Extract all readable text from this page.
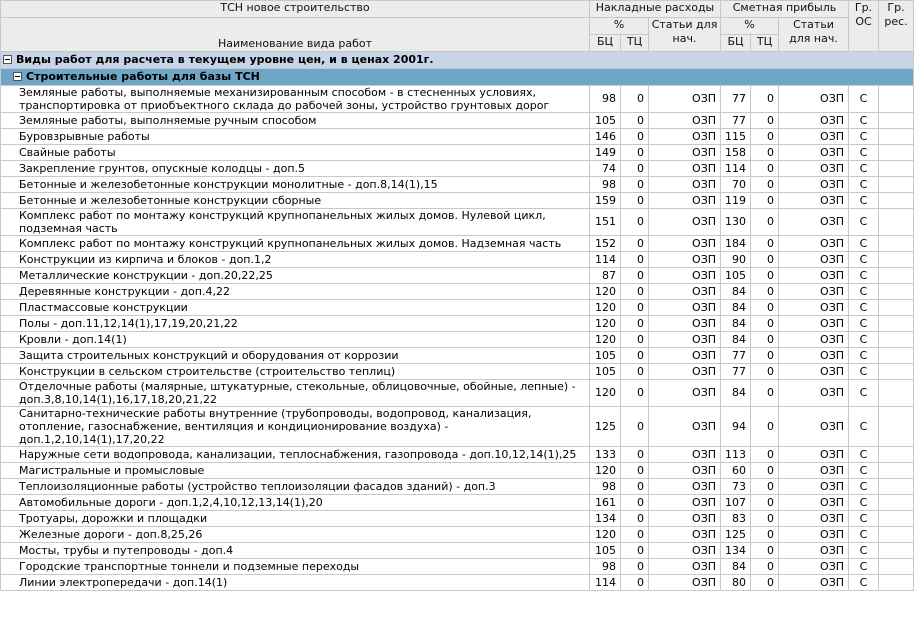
ТСН новое строительство	Накладные расходы			Сметная прибыль			Гр. ОС	Гр. рес.
Наименование вида работ	%		Статьи для нач.	%		Статьи для нач.		
	БЦ	ТЦ		БЦ	ТЦ			
Виды работ для расчета в текущем уровне цен, и в ценах 2001г.								
Строительные работы для базы ТСН								
Земляные работы, выполняемые механизированным способом - в стесненных условиях, транспортировка от приобъектного склада до рабочей зоны, устройство грунтовых дорог	98	0	ОЗП	77	0	ОЗП	С	
Земляные работы, выполняемые ручным способом	105	0	ОЗП	77	0	ОЗП	С	
Буровзрывные работы	146	0	ОЗП	115	0	ОЗП	С	
Свайные работы	149	0	ОЗП	158	0	ОЗП	С	
Закрепление грунтов, опускные колодцы - доп.5	74	0	ОЗП	114	0	ОЗП	С	
Бетонные и железобетонные конструкции монолитные - доп.8,14(1),15	98	0	ОЗП	70	0	ОЗП	С	
Бетонные и железобетонные конструкции сборные	159	0	ОЗП	119	0	ОЗП	С	
Комплекс работ по монтажу конструкций крупнопанельных жилых домов. Нулевой цикл, подземная часть	151	0	ОЗП	130	0	ОЗП	С	
Комплекс работ по монтажу конструкций крупнопанельных жилых домов. Надземная часть	152	0	ОЗП	184	0	ОЗП	С	
Конструкции из кирпича и блоков - доп.1,2	114	0	ОЗП	90	0	ОЗП	С	
Металлические конструкции - доп.20,22,25	87	0	ОЗП	105	0	ОЗП	С	
Деревянные конструкции - доп.4,22	120	0	ОЗП	84	0	ОЗП	С	
Пластмассовые конструкции	120	0	ОЗП	84	0	ОЗП	С	
Полы - доп.11,12,14(1),17,19,20,21,22	120	0	ОЗП	84	0	ОЗП	С	
Кровли - доп.14(1)	120	0	ОЗП	84	0	ОЗП	С	
Защита строительных конструкций и оборудования от коррозии	105	0	ОЗП	77	0	ОЗП	С	
Конструкции в сельском строительстве (строительство теплиц)	105	0	ОЗП	77	0	ОЗП	С	
Отделочные работы (малярные, штукатурные, стекольные, облицовочные, обойные, лепные) - доп.3,8,10,14(1),16,17,18,20,21,22	120	0	ОЗП	84	0	ОЗП	С	
Санитарно-технические работы внутренние (трубопроводы, водопровод, канализация, отопление, газоснабжение, вентиляция и кондиционирование воздуха) - доп.1,2,10,14(1),17,20,22	125	0	ОЗП	94	0	ОЗП	С	
Наружные сети водопровода, канализации, теплоснабжения, газопровода - доп.10,12,14(1),25	133	0	ОЗП	113	0	ОЗП	С	
Магистральные и промысловые	120	0	ОЗП	60	0	ОЗП	С	
Теплоизоляционные работы (устройство теплоизоляции фасадов зданий) - доп.3	98	0	ОЗП	73	0	ОЗП	С	
Автомобильные дороги - доп.1,2,4,10,12,13,14(1),20	161	0	ОЗП	107	0	ОЗП	С	
Тротуары, дорожки и площадки	134	0	ОЗП	83	0	ОЗП	С	
Железные дороги - доп.8,25,26	120	0	ОЗП	125	0	ОЗП	С	
Мосты, трубы и путепроводы - доп.4	105	0	ОЗП	134	0	ОЗП	С	
Городские транспортные тоннели и подземные переходы	98	0	ОЗП	84	0	ОЗП	С	
Линии электропередачи - доп.14(1)	114	0	ОЗП	80	0	ОЗП	С	
